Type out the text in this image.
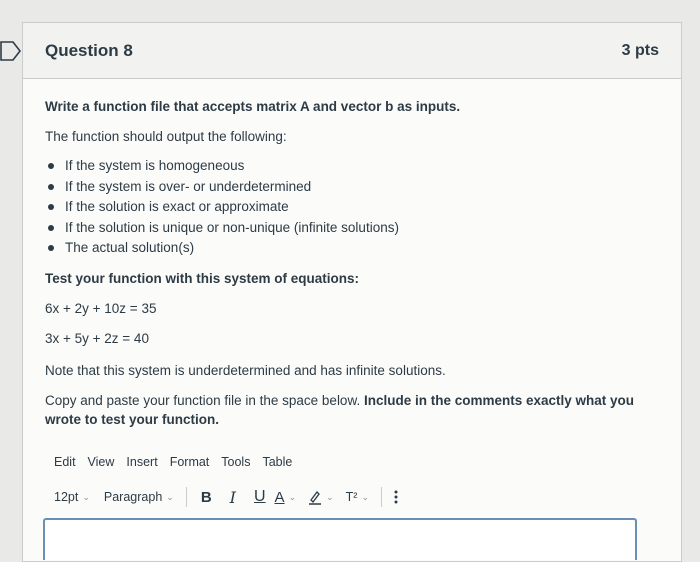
Question 8	3 pts
Write a function file that accepts matrix A and vector b as inputs.
The function should output the following:
If the system is homogeneous
If the system is over- or underdetermined
If the solution is exact or approximate
If the solution is unique or non-unique (infinite solutions)
The actual solution(s)
Test your function with this system of equations:
6x + 2y + 10z = 35
3x + 5y + 2z = 40
Note that this system is underdetermined and has infinite solutions.
Copy and paste your function file in the space below. Include in the comments exactly what you
wrote to test your function.
Edit View Insert Format Tools Table
12pt ⌄ Paragraph ⌄ B I U A ⌄	⌄ T² ⌄
